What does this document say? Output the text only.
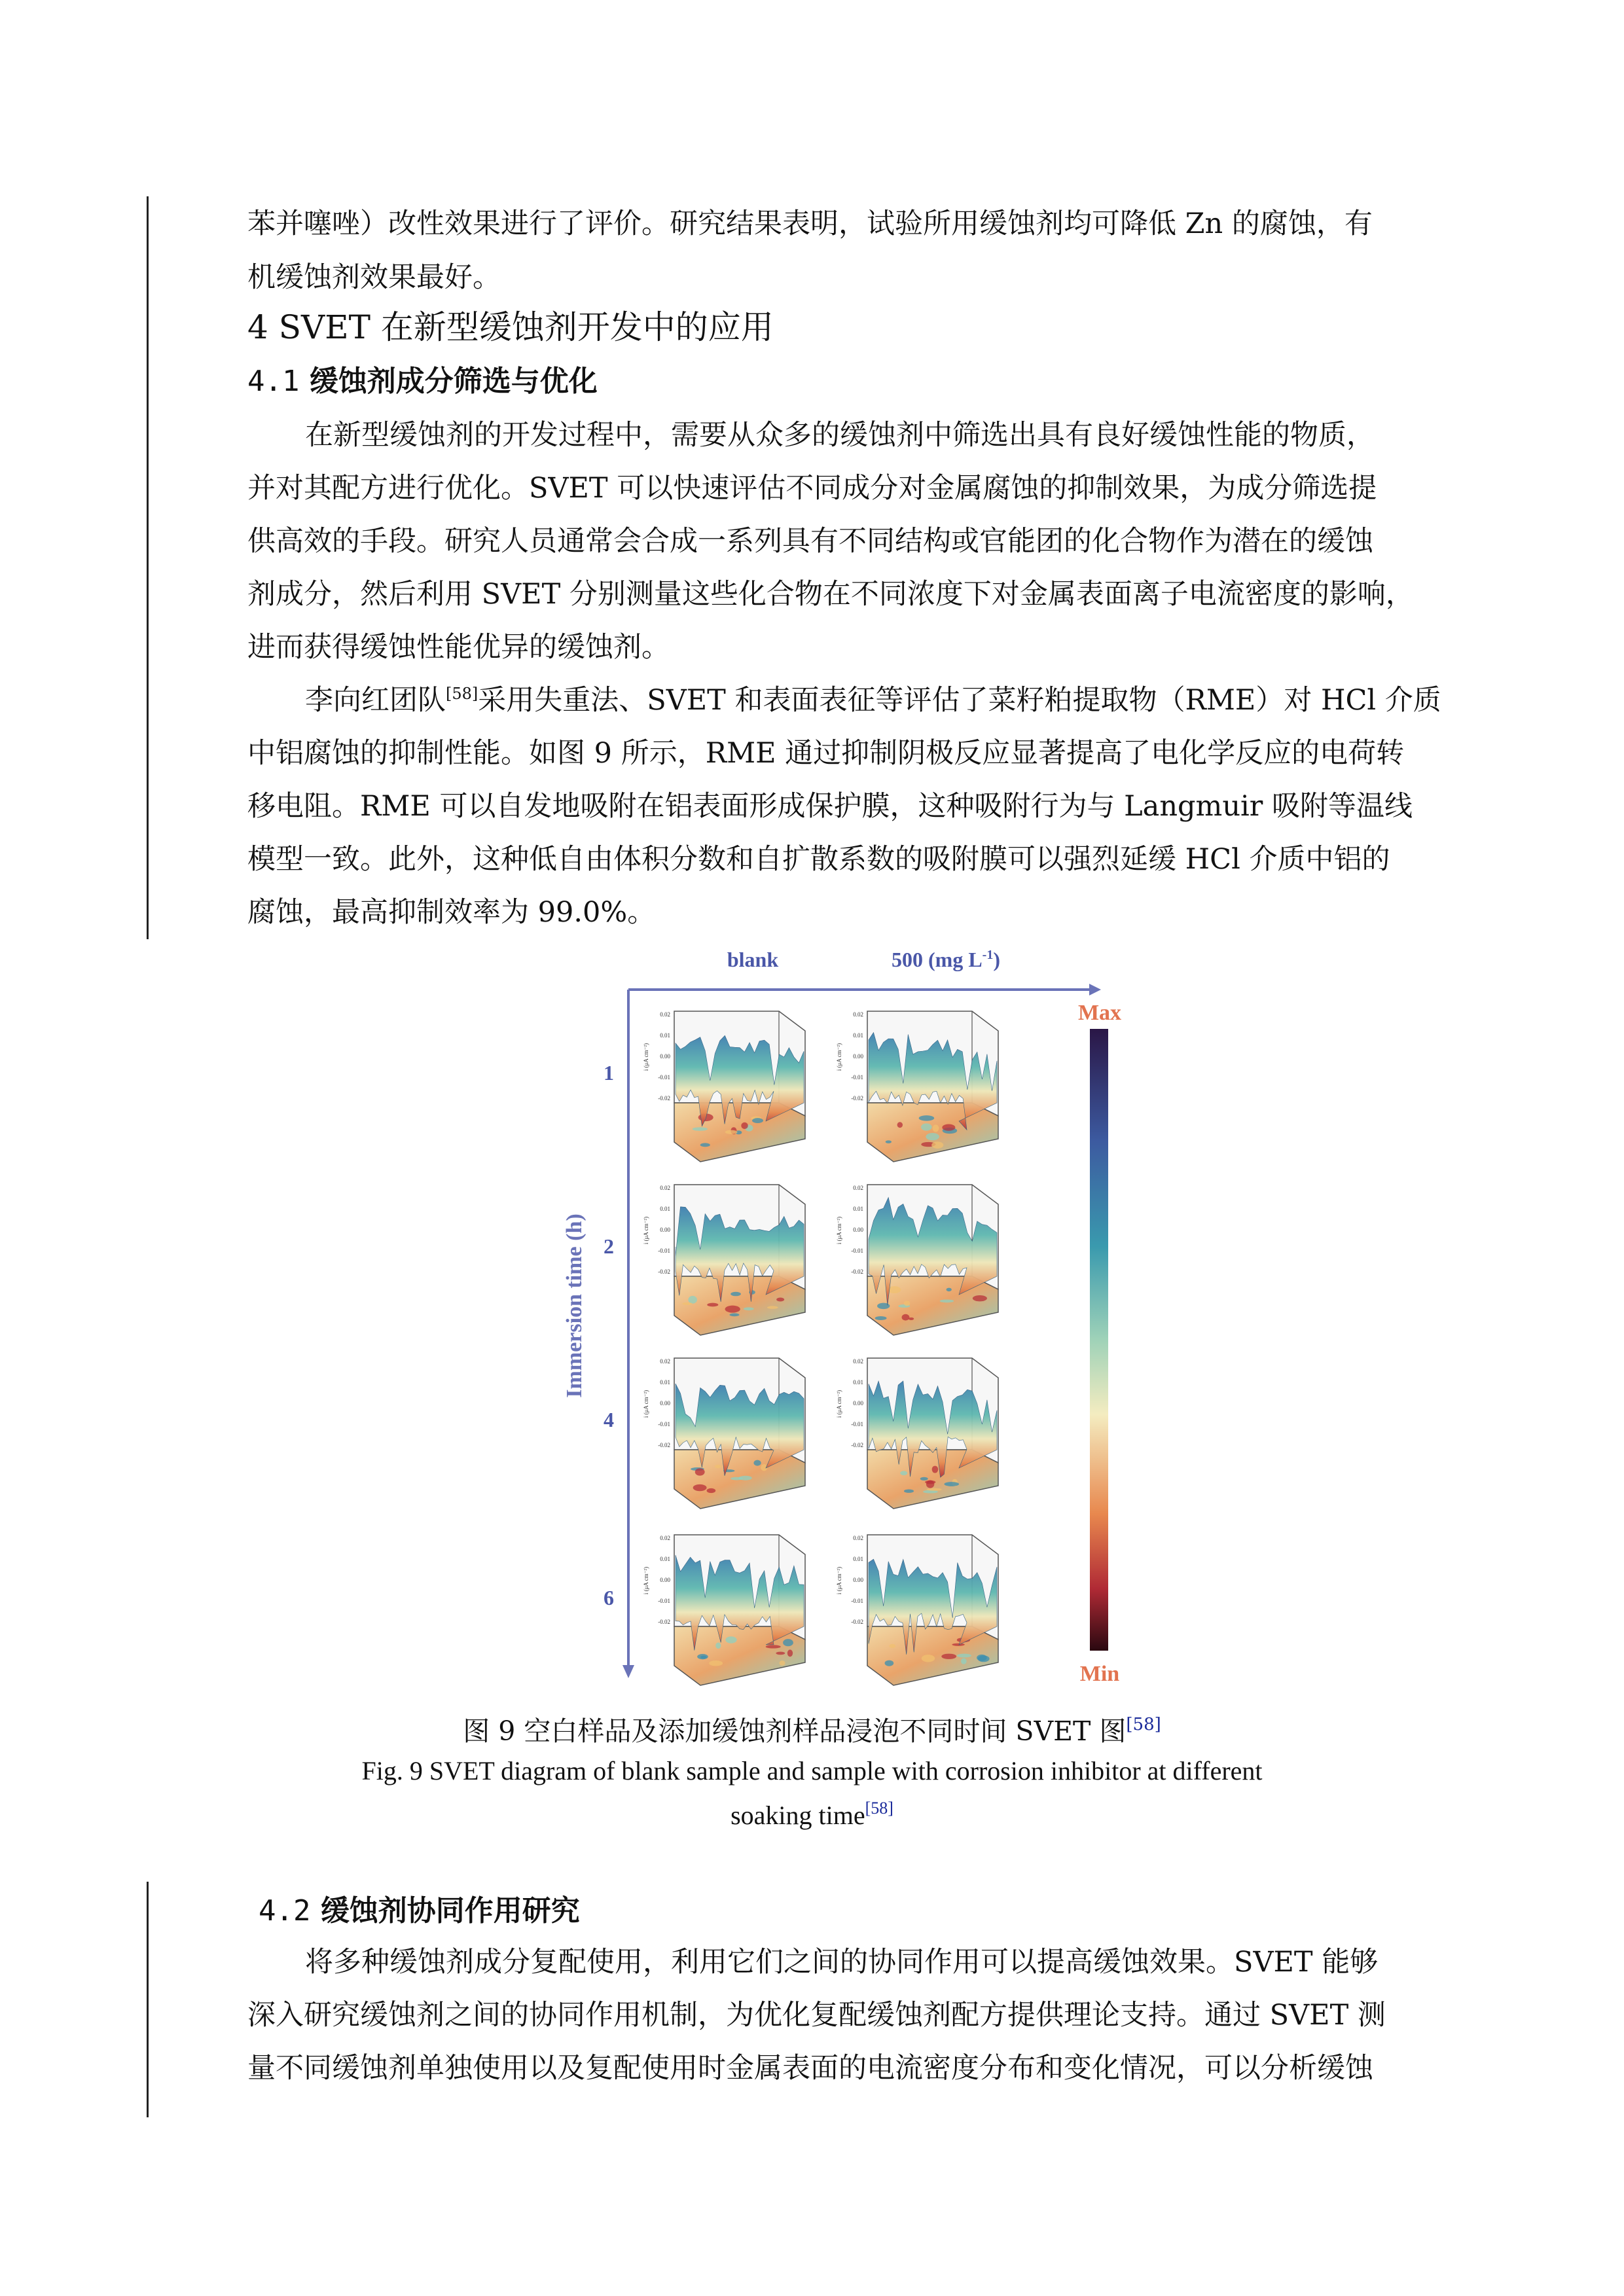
苯并噻唑）改性效果进行了评价。研究结果表明，试验所用缓蚀剂均可降低 Zn 的腐蚀，有
机缓蚀剂效果最好。
4 SVET 在新型缓蚀剂开发中的应用
4.1 缓蚀剂成分筛选与优化
在新型缓蚀剂的开发过程中，需要从众多的缓蚀剂中筛选出具有良好缓蚀性能的物质，
并对其配方进行优化。SVET 可以快速评估不同成分对金属腐蚀的抑制效果，为成分筛选提
供高效的手段。研究人员通常会合成一系列具有不同结构或官能团的化合物作为潜在的缓蚀
剂成分，然后利用 SVET 分别测量这些化合物在不同浓度下对金属表面离子电流密度的影响，
进而获得缓蚀性能优异的缓蚀剂。
李向红团队[58]采用失重法、SVET 和表面表征等评估了菜籽粕提取物（RME）对 HCl 介质
中铝腐蚀的抑制性能。如图 9 所示，RME 通过抑制阴极反应显著提高了电化学反应的电荷转
移电阻。RME 可以自发地吸附在铝表面形成保护膜，这种吸附行为与 Langmuir 吸附等温线
模型一致。此外，这种低自由体积分数和自扩散系数的吸附膜可以强烈延缓 HCl 介质中铝的
腐蚀，最高抑制效率为 99.0%。
blank	500 (mg $L^{-1}$)
Immersion time (h)
1
2
4
6
0.02
0.01
0.00
-0.01
-0.02
i (μA cm⁻²)
0.02
0.01
0.00
-0.01
-0.02
i (μA cm⁻²)
0.02
0.01
0.00
-0.01
-0.02
i (μA cm⁻²)
0.02
0.01
0.00
-0.01
-0.02
i (μA cm⁻²)
0.02
0.01
0.00
-0.01
-0.02
i (μA cm⁻²)
0.02
0.01
0.00
-0.01
-0.02
i (μA cm⁻²)
0.02
0.01
0.00
-0.01
-0.02
i (μA cm⁻²)
0.02
0.01
0.00
-0.01
-0.02
i (μA cm⁻²)
Max
Min
图 9 空白样品及添加缓蚀剂样品浸泡不同时间 SVET 图[58]
Fig. 9 SVET diagram of blank sample and sample with corrosion inhibitor at different
soaking time[58]
4.2 缓蚀剂协同作用研究
将多种缓蚀剂成分复配使用，利用它们之间的协同作用可以提高缓蚀效果。SVET 能够
深入研究缓蚀剂之间的协同作用机制，为优化复配缓蚀剂配方提供理论支持。通过 SVET 测
量不同缓蚀剂单独使用以及复配使用时金属表面的电流密度分布和变化情况，可以分析缓蚀
